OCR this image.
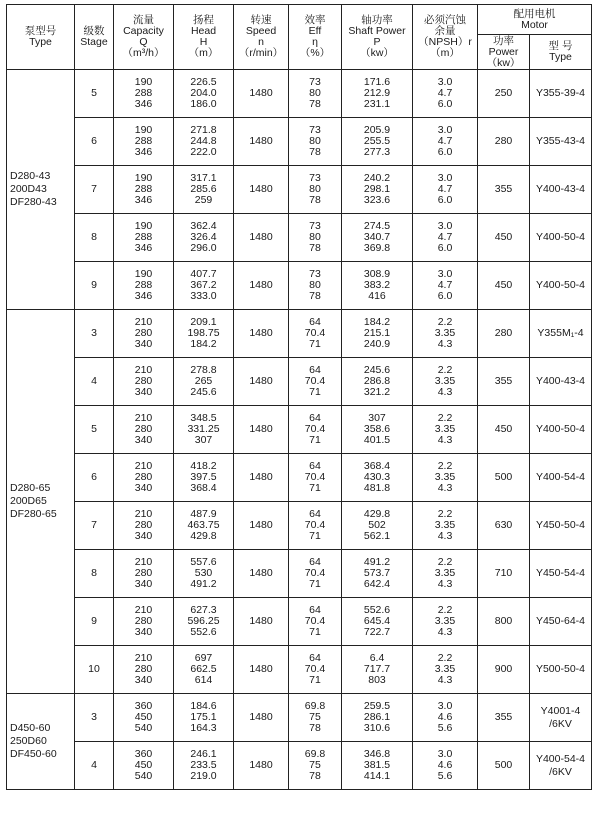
泵型号
Type	级数
Stage	流量
Capacity
Q
（m³/h）	扬程
Head
H
（m）	转速
Speed
n
（r/min）	效率
Eff
η
（%）	轴功率
Shaft Power
P
（kw）	必须汽蚀
余量
（NPSH）r
（m）	配用电机
Motor	

								功率
Power
（kw）	型 号
Type

D280-43
200D43
DF280-43	5	190
288
346	226.5
204.0
186.0	1480	73
80
78	171.6
212.9
231.1	3.0
4.7
6.0	250	Y355-39-4
	6	190
288
346	271.8
244.8
222.0	1480	73
80
78	205.9
255.5
277.3	3.0
4.7
6.0	280	Y355-43-4
	7	190
288
346	317.1
285.6
259	1480	73
80
78	240.2
298.1
323.6	3.0
4.7
6.0	355	Y400-43-4
	8	190
288
346	362.4
326.4
296.0	1480	73
80
78	274.5
340.7
369.8	3.0
4.7
6.0	450	Y400-50-4
	9	190
288
346	407.7
367.2
333.0	1480	73
80
78	308.9
383.2
416	3.0
4.7
6.0	450	Y400-50-4

D280-65
200D65
DF280-65	3	210
280
340	209.1
198.75
184.2	1480	64
70.4
71	184.2
215.1
240.9	2.2
3.35
4.3	280	Y355M₁-4
	4	210
280
340	278.8
265
245.6	1480	64
70.4
71	245.6
286.8
321.2	2.2
3.35
4.3	355	Y400-43-4
	5	210
280
340	348.5
331.25
307	1480	64
70.4
71	307
358.6
401.5	2.2
3.35
4.3	450	Y400-50-4
	6	210
280
340	418.2
397.5
368.4	1480	64
70.4
71	368.4
430.3
481.8	2.2
3.35
4.3	500	Y400-54-4
	7	210
280
340	487.9
463.75
429.8	1480	64
70.4
71	429.8
502
562.1	2.2
3.35
4.3	630	Y450-50-4
	8	210
280
340	557.6
530
491.2	1480	64
70.4
71	491.2
573.7
642.4	2.2
3.35
4.3	710	Y450-54-4
	9	210
280
340	627.3
596.25
552.6	1480	64
70.4
71	552.6
645.4
722.7	2.2
3.35
4.3	800	Y450-64-4
	10	210
280
340	697
662.5
614	1480	64
70.4
71	6.4
717.7
803	2.2
3.35
4.3	900	Y500-50-4

D450-60
250D60
DF450-60	3	360
450
540	184.6
175.1
164.3	1480	69.8
75
78	259.5
286.1
310.6	3.0
4.6
5.6	355	Y4001-4 /6KV
	4	360
450
540	246.1
233.5
219.0	1480	69.8
75
78	346.8
381.5
414.1	3.0
4.6
5.6	500	Y400-54-4 /6KV
